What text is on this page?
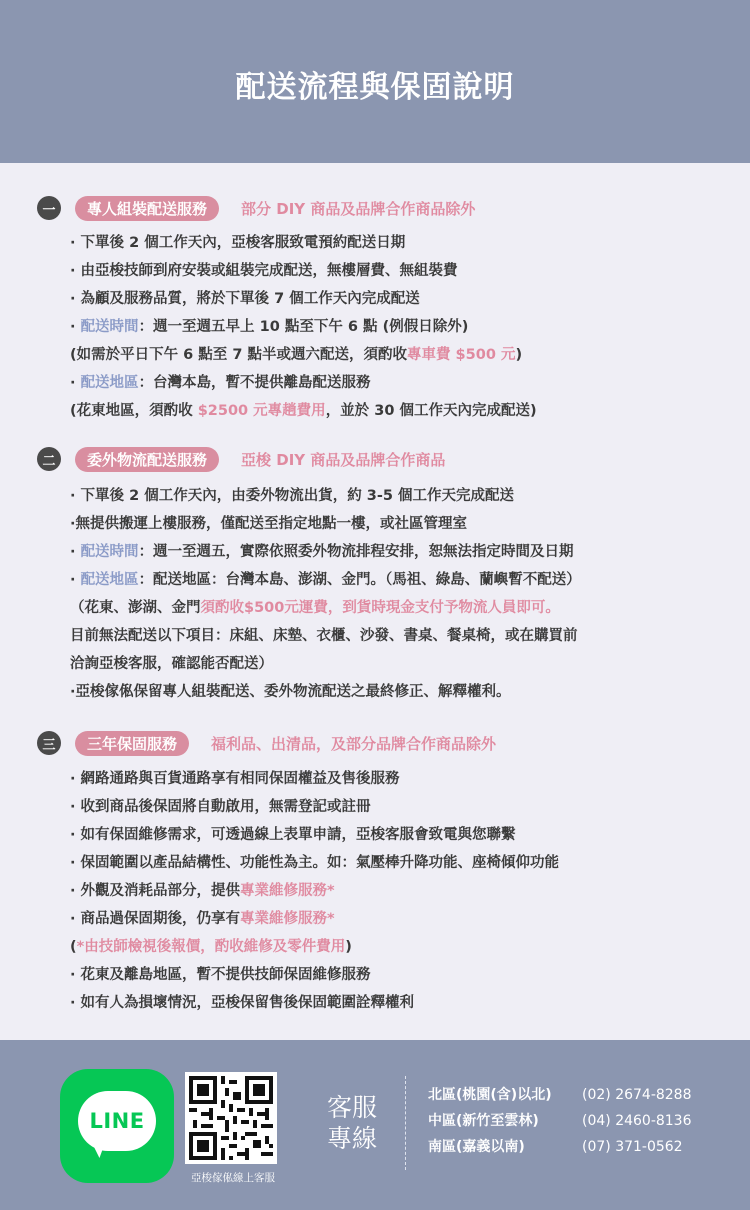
配送流程與保固說明
一	專人組裝配送服務	部分 DIY 商品及品牌合作商品除外
· 下單後 2 個工作天內，亞梭客服致電預約配送日期
· 由亞梭技師到府安裝或組裝完成配送，無樓層費、無組裝費
· 為顧及服務品質，將於下單後 7 個工作天內完成配送
· 配送時間：週一至週五早上 10 點至下午 6 點 (例假日除外)
(如需於平日下午 6 點至 7 點半或週六配送，須酌收專車費 $500 元)
· 配送地區：台灣本島，暫不提供離島配送服務
(花東地區，須酌收 $2500 元專趟費用，並於 30 個工作天內完成配送)
二	委外物流配送服務	亞梭 DIY 商品及品牌合作商品
· 下單後 2 個工作天內，由委外物流出貨，約 3-5 個工作天完成配送
·無提供搬運上樓服務，僅配送至指定地點一樓，或社區管理室
· 配送時間：週一至週五，實際依照委外物流排程安排，恕無法指定時間及日期
· 配送地區：配送地區：台灣本島、澎湖、金門。（馬祖、綠島、蘭嶼暫不配送）
（花東、澎湖、金門須酌收$500元運費，到貨時現金支付予物流人員即可。
目前無法配送以下項目：床組、床墊、衣櫃、沙發、書桌、餐桌椅，或在購買前
洽詢亞梭客服，確認能否配送）
·亞梭傢俬保留專人組裝配送、委外物流配送之最終修正、解釋權利。
三	三年保固服務	福利品、出清品，及部分品牌合作商品除外
· 網路通路與百貨通路享有相同保固權益及售後服務
· 收到商品後保固將自動啟用，無需登記或註冊
· 如有保固維修需求，可透過線上表單申請，亞梭客服會致電與您聯繫
· 保固範圍以產品結構性、功能性為主。如：氣壓棒升降功能、座椅傾仰功能
· 外觀及消耗品部分，提供專業維修服務*
· 商品過保固期後，仍享有專業維修服務*
(*由技師檢視後報價，酌收維修及零件費用)
· 花東及離島地區，暫不提供技師保固維修服務
· 如有人為損壞情況，亞梭保留售後保固範圍詮釋權利
LINE
亞梭傢俬線上客服
客服專線
北區(桃園(含)以北) (02) 2674-8288
中區(新竹至雲林)	(04) 2460-8136
南區(嘉義以南)	(07) 371-0562
